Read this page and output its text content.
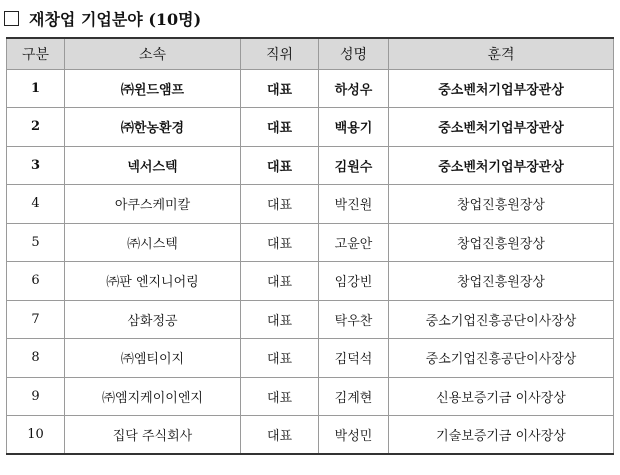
재창업 기업분야 (10명)
구분	소속	직위	성명	훈격
1	㈜윈드앰프	대표	하성우	중소벤처기업부장관상
2	㈜한농환경	대표	백용기	중소벤처기업부장관상
3	넥서스텍	대표	김원수	중소벤처기업부장관상
4	아쿠스케미칼	대표	박진원	창업진흥원장상
5	㈜시스텍	대표	고윤안	창업진흥원장상
6	㈜판 엔지니어링	대표	임강빈	창업진흥원장상
7	삼화정공	대표	탁우찬	중소기업진흥공단이사장상
8	㈜엠티이지	대표	김덕석	중소기업진흥공단이사장상
9	㈜엠지케이이엔지	대표	김계현	신용보증기금 이사장상
10	집닥 주식회사	대표	박성민	기술보증기금 이사장상
